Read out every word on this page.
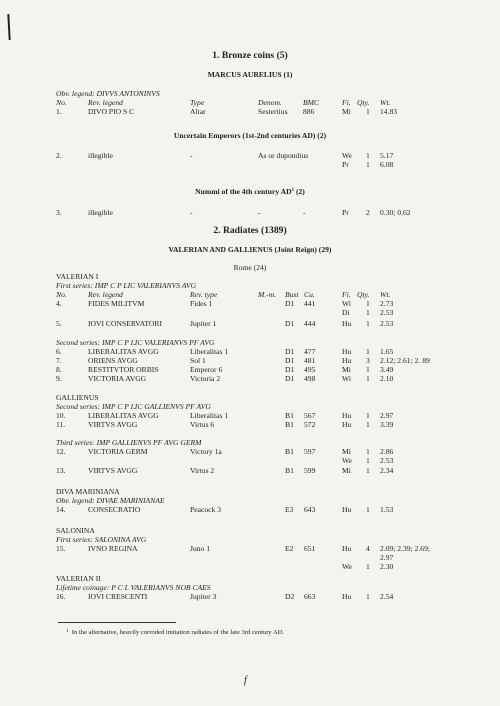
1. Bronze coins (5)
MARCUS AURELIUS (1)
Obv. legend: DIVVS ANTONINVS
No.	Rev. legend	Type	Denom.	BMC	Fi. Qty. Wt.
1.	DIVO PIO S C	Altar	Sestertius 886	Mi 1 14.83
Uncertain Emperors (1st-2nd centuries AD) (2)
2.	illegible	-	As or dupondius	We 1 5.17
Pr 1 6.08
Nummi of the 4th century $AD^1$ (2)
3.	illegible	-	-	-	Pr 2 0.30; 0.62
2. Radiates (1389)
VALERIAN AND GALLIENUS (Joint Reign) (29)
Rome (24)
VALERIAN I
First series: IMP C P LIC VALERIANVS AVG
No.	Rev. legend	Rev. type	M.-m. Bust Cu.	Fi. Qty. Wt.
4.	FIDES MILITVM	Fides 1	D1 441	Wi 1 2.73
Di 1 2.53
5.	IOVI CONSERVATORI	Jupiter 1	D1 444	Hu 1 2.53
Second series: IMP C P LIC VALERIANVS PF AVG
6.	LIBERALITAS AVGG	Liberalitas 1	D1 477	Hu 1 1.65
7.	ORIENS AVGG	Sol 1	D1 481	Hu 3 2.12; 2.61; 2. 89
8.	RESTITVTOR ORBIS	Emperor 6	D1 495	Mi 1 3.49
9.	VICTORIA AVGG	Victoria 2	D1 498	Wi 1 2.10
GALLIENUS
Second series: IMP C P LIC GALLIENVS PF AVG
10.	LIBERALITAS AVGG	Liberalitas 1	B1 567	Hu 1 2.97
11.	VIRTVS AVGG	Virtus 6	B1 572	Hu 1 3.39
Third series: IMP GALLIENVS PF AVG GERM
12.	VICTORIA GERM	Victory 1a	B1 597	Mi 1 2.86
We 1 2.53
13.	VIRTVS AVGG	Virtus 2	B1 599	Mi 1 2.34
DIVA MARINIANA
Obv. legend: DIVAE MARINIANAE
14.	CONSECRATIO	Peacock 3	E3 643	Hu 1 1.53
SALONINA
First series: SALONINA AVG
15.	IVNO REGINA	Juno 1	E2 651	Hu 4 2.09; 2.39; 2.69;
2.97
We 1 2.30
VALERIAN II
Lifetime coinage: P C L VALERIANVS NOB CAES
16.	IOVI CRESCENTI	Jupiter 3	D2 663	Hu 1 2.54
$^1$ In the alternative, heavily corroded imitation radiates of the late 3rd century AD.
f
